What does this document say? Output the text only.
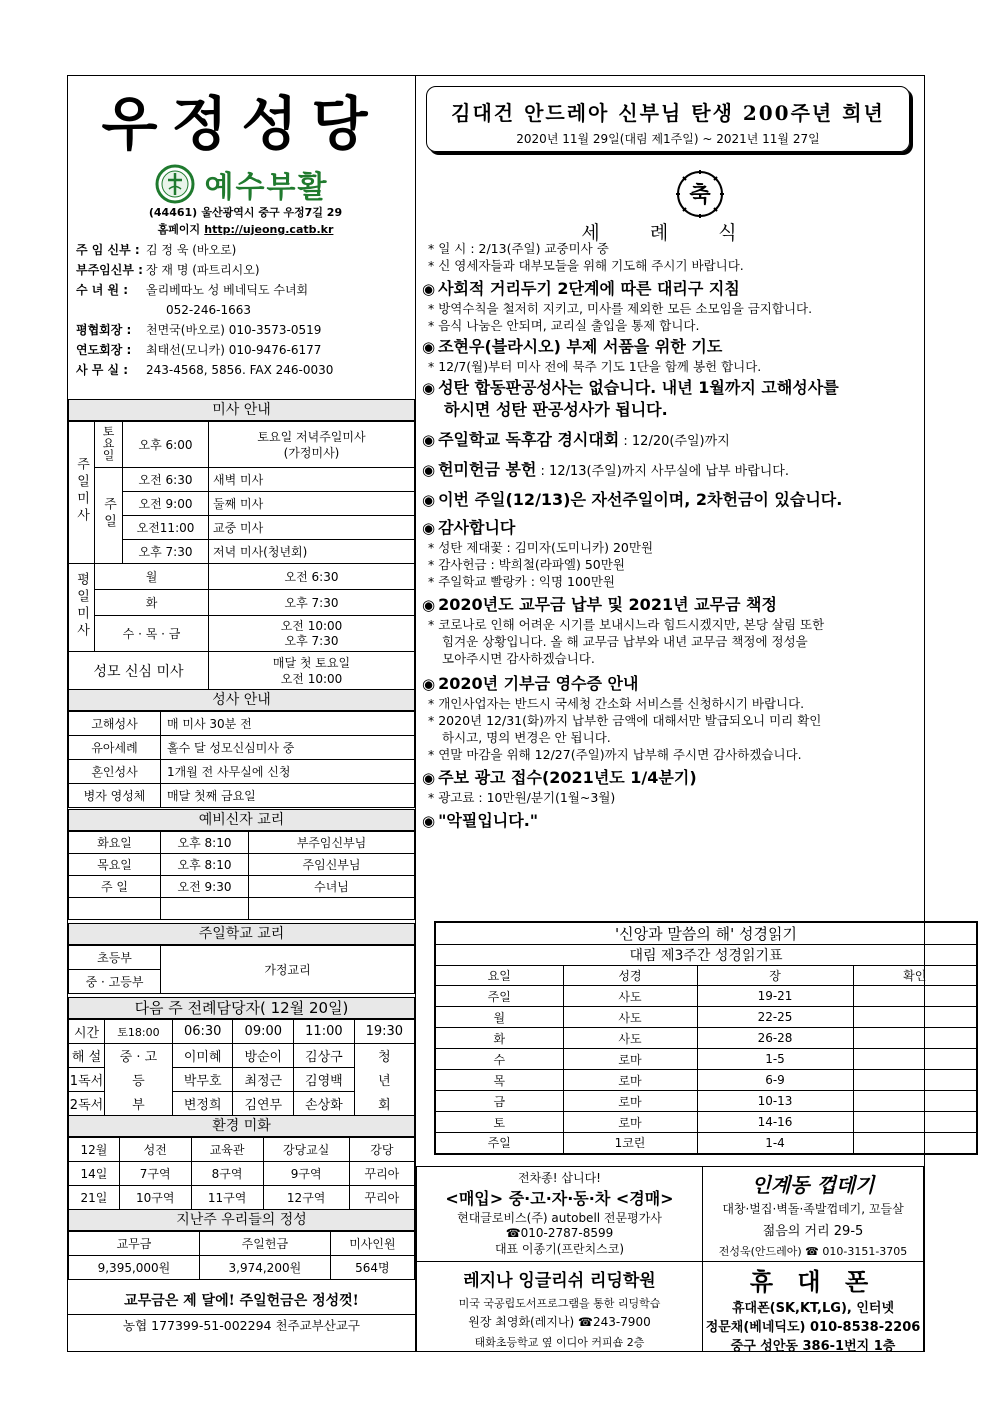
우정성당
예수부활
(44461) 울산광역시 중구 우정7길 29
홈페이지 http://ujeong.catb.kr
주 임 신부 : 김 정 욱 (바오로)
부주임신부 : 장 재 명 (파트리시오)
수 녀 원 :	올리베따노 성 베네딕도 수녀회
052-246-1663
평협회장 :	천면국(바오로) 010-3573-0519
연도회장 :	최태선(모니카) 010-9476-6177
사 무 실 :	243-4568, 5856. FAX 246-0030
미사 안내
주일미사	토요일	오후 6:00	토요일 저녁주일미사
(가정미사)
	주일	오전 6:30	새벽 미사
		오전 9:00	둘째 미사
		오전11:00	교중 미사
		오후 7:30	저녁 미사(청년회)
평일미사	월	오전 6:30
	화	오후 7:30
	수 · 목 · 금	오전 10:00
오후 7:30
성모 신심 미사		매달 첫 토요일
오전 10:00
성사 안내
고해성사	매 미사 30분 전
유아세례	홀수 달 성모신심미사 중
혼인성사	1개월 전 사무실에 신청
병자 영성체	매달 첫째 금요일
예비신자 교리
화요일	오후 8:10	부주임신부님
목요일	오후 8:10	주임신부님
주 일	오전 9:30	수녀님

주일학교 교리
초등부	가정교리
중 · 고등부
다음 주 전례담당자( 12월 20일)
시간	토18:00	06:30	09:00	11:00	19:30
해 설	중 · 고	이미혜	방순이	김상구	청
1독서	등	박무호	최정근	김영백	년
2독서	부	변정희	김연무	손상화	회
환경 미화
12월	성전	교육관	강당교실	강당
14일	7구역	8구역	9구역	꾸리아
21일	10구역	11구역	12구역	꾸리아
지난주 우리들의 정성
교무금	주일헌금	미사인원
9,395,000원	3,974,200원	564명
교무금은 제 달에! 주일헌금은 정성껏!
농협 177399-51-002294 천주교부산교구
김대건 안드레아 신부님 탄생 200주년 희년
2020년 11월 29일(대림 제1주일) ~ 2021년 11월 27일
축
세 례 식
* 일 시 : 2/13(주일) 교중미사 중
* 신 영세자들과 대부모들을 위해 기도해 주시기 바랍니다.
◉ 사회적 거리두기 2단계에 따른 대리구 지침
* 방역수칙을 철저히 지키고, 미사를 제외한 모든 소모임을 금지합니다.
* 음식 나눔은 안되며, 교리실 출입을 통제 합니다.
◉ 조현우(블라시오) 부제 서품을 위한 기도
* 12/7(월)부터 미사 전에 묵주 기도 1단을 함께 봉헌 합니다.
◉ 성탄 합동판공성사는 없습니다. 내년 1월까지 고해성사를
하시면 성탄 판공성사가 됩니다.
◉ 주일학교 독후감 경시대회 : 12/20(주일)까지
◉ 헌미헌금 봉헌 : 12/13(주일)까지 사무실에 납부 바랍니다.
◉ 이번 주일(12/13)은 자선주일이며, 2차헌금이 있습니다.
◉ 감사합니다
* 성탄 제대꽃 : 김미자(도미니카) 20만원
* 감사헌금 : 박희철(라파엘) 50만원
* 주일학교 빨랑카 : 익명 100만원
◉ 2020년도 교무금 납부 및 2021년 교무금 책정
* 코로나로 인해 어려운 시기를 보내시느라 힘드시겠지만, 본당 살림 또한
힘겨운 상황입니다. 올 해 교무금 납부와 내년 교무금 책정에 정성을
모아주시면 감사하겠습니다.
◉ 2020년 기부금 영수증 안내
* 개인사업자는 반드시 국세청 간소화 서비스를 신청하시기 바랍니다.
* 2020년 12/31(화)까지 납부한 금액에 대해서만 발급되오니 미리 확인
하시고, 명의 변경은 안 됩니다.
* 연말 마감을 위해 12/27(주일)까지 납부해 주시면 감사하겠습니다.
◉ 주보 광고 접수(2021년도 1/4분기)
* 광고료 : 10만원/분기(1월~3월)
◉ "악필입니다."
'신앙과 말씀의 해' 성경읽기			
대림 제3주간 성경읽기표			
요일	성경	장	확인
주일	사도	19-21	
월	사도	22-25	
화	사도	26-28	
수	로마	1-5	
목	로마	6-9	
금	로마	10-13	
토	로마	14-16	
주일	1코린	1-4	
전차종! 삽니다!
<매입> 중·고·자·동·차 <경매>
현대글로비스(주) autobell 전문평가사
☎010-2787-8599
대표 이종기(프란치스코)
인계동 껍데기
대창·벌집·벽돌·족발껍데기, 꼬들살
젊음의 거리 29-5
전성욱(안드레아) ☎ 010-3151-3705
레지나 잉글리쉬 리딩학원
미국 국공립도서프로그램을 통한 리딩학습
원장 최영화(레지나) ☎243-7900
태화초등학교 옆 이디아 커피숍 2층
휴 대 폰
휴대폰(SK,KT,LG), 인터넷
정문채(베네딕도) 010-8538-2206
중구 성안동 386-1번지 1층
